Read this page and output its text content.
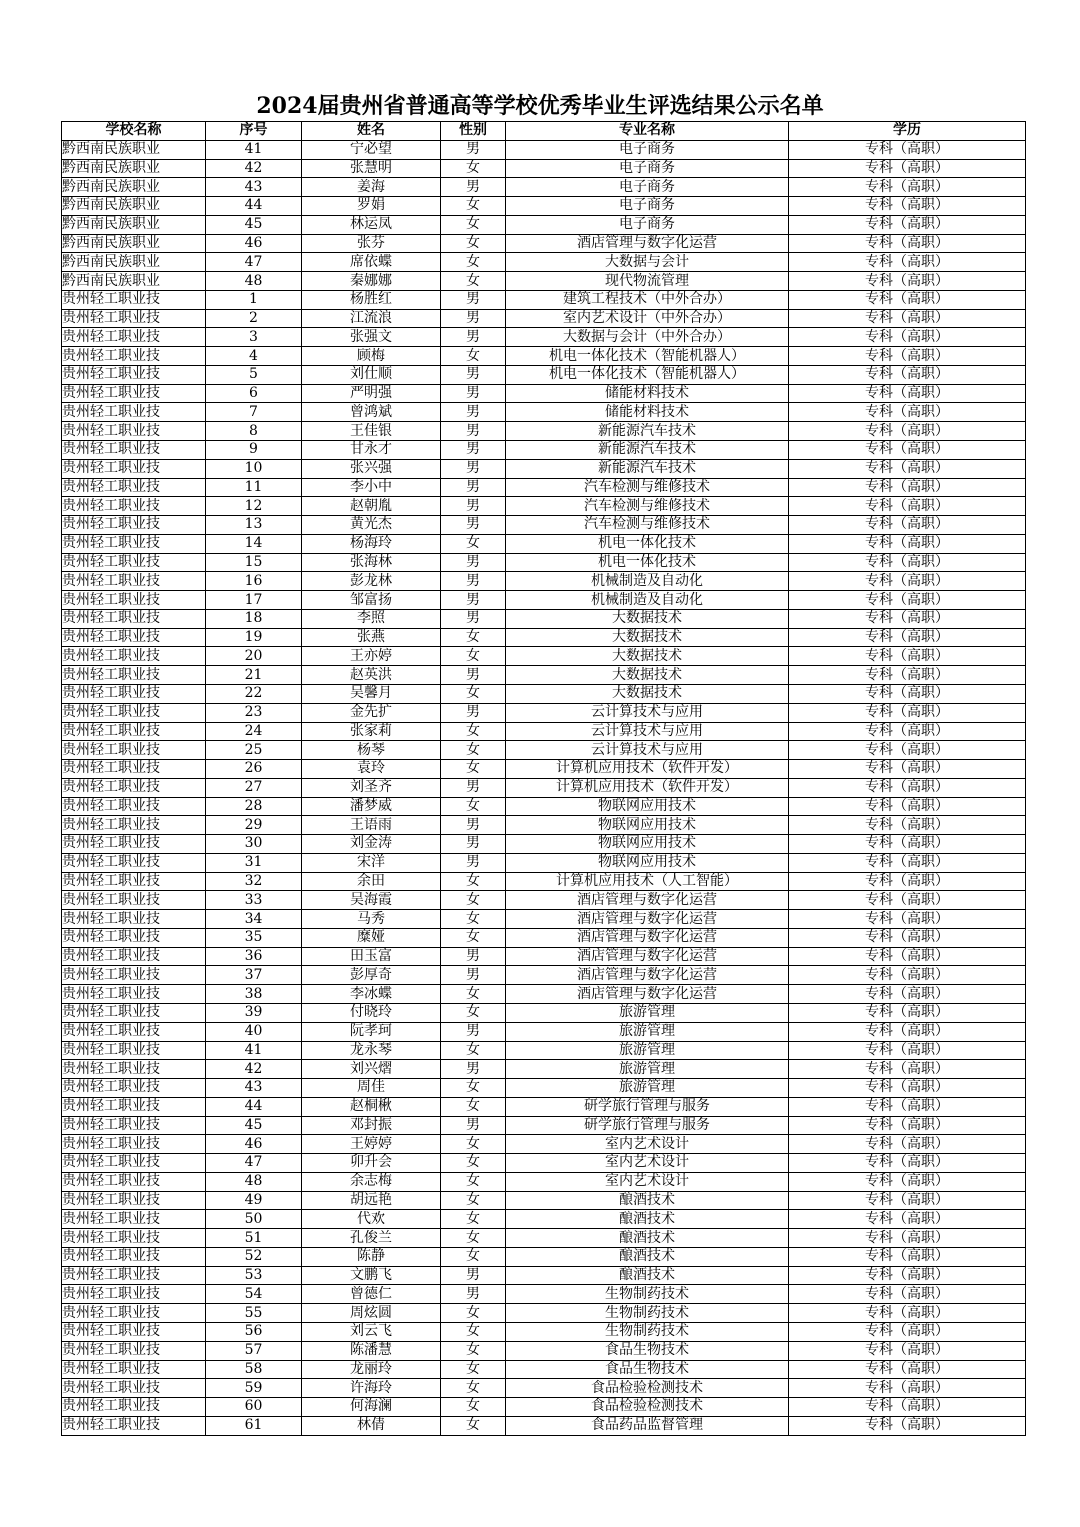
2024届贵州省普通高等学校优秀毕业生评选结果公示名单
学校名称	序号	姓名	性别	专业名称	学历
黔西南民族职业	41	宁必望	男	电子商务	专科（高职）
黔西南民族职业	42	张慧明	女	电子商务	专科（高职）
黔西南民族职业	43	姜海	男	电子商务	专科（高职）
黔西南民族职业	44	罗娟	女	电子商务	专科（高职）
黔西南民族职业	45	林运凤	女	电子商务	专科（高职）
黔西南民族职业	46	张芬	女	酒店管理与数字化运营	专科（高职）
黔西南民族职业	47	席依蝶	女	大数据与会计	专科（高职）
黔西南民族职业	48	秦娜娜	女	现代物流管理	专科（高职）
贵州轻工职业技	1	杨胜红	男	建筑工程技术（中外合办）	专科（高职）
贵州轻工职业技	2	江流浪	男	室内艺术设计（中外合办）	专科（高职）
贵州轻工职业技	3	张强文	男	大数据与会计（中外合办）	专科（高职）
贵州轻工职业技	4	顾梅	女	机电一体化技术（智能机器人）	专科（高职）
贵州轻工职业技	5	刘仕顺	男	机电一体化技术（智能机器人）	专科（高职）
贵州轻工职业技	6	严明强	男	储能材料技术	专科（高职）
贵州轻工职业技	7	曾鸿斌	男	储能材料技术	专科（高职）
贵州轻工职业技	8	王佳银	男	新能源汽车技术	专科（高职）
贵州轻工职业技	9	甘永才	男	新能源汽车技术	专科（高职）
贵州轻工职业技	10	张兴强	男	新能源汽车技术	专科（高职）
贵州轻工职业技	11	李小中	男	汽车检测与维修技术	专科（高职）
贵州轻工职业技	12	赵朝胤	男	汽车检测与维修技术	专科（高职）
贵州轻工职业技	13	黄光杰	男	汽车检测与维修技术	专科（高职）
贵州轻工职业技	14	杨海玲	女	机电一体化技术	专科（高职）
贵州轻工职业技	15	张海林	男	机电一体化技术	专科（高职）
贵州轻工职业技	16	彭龙林	男	机械制造及自动化	专科（高职）
贵州轻工职业技	17	邹富扬	男	机械制造及自动化	专科（高职）
贵州轻工职业技	18	李照	男	大数据技术	专科（高职）
贵州轻工职业技	19	张燕	女	大数据技术	专科（高职）
贵州轻工职业技	20	王亦婷	女	大数据技术	专科（高职）
贵州轻工职业技	21	赵英洪	男	大数据技术	专科（高职）
贵州轻工职业技	22	吴馨月	女	大数据技术	专科（高职）
贵州轻工职业技	23	金先扩	男	云计算技术与应用	专科（高职）
贵州轻工职业技	24	张家莉	女	云计算技术与应用	专科（高职）
贵州轻工职业技	25	杨琴	女	云计算技术与应用	专科（高职）
贵州轻工职业技	26	袁玲	女	计算机应用技术（软件开发）	专科（高职）
贵州轻工职业技	27	刘圣齐	男	计算机应用技术（软件开发）	专科（高职）
贵州轻工职业技	28	潘梦威	女	物联网应用技术	专科（高职）
贵州轻工职业技	29	王语雨	男	物联网应用技术	专科（高职）
贵州轻工职业技	30	刘金涛	男	物联网应用技术	专科（高职）
贵州轻工职业技	31	宋洋	男	物联网应用技术	专科（高职）
贵州轻工职业技	32	余田	女	计算机应用技术（人工智能）	专科（高职）
贵州轻工职业技	33	吴海霞	女	酒店管理与数字化运营	专科（高职）
贵州轻工职业技	34	马秀	女	酒店管理与数字化运营	专科（高职）
贵州轻工职业技	35	糜娅	女	酒店管理与数字化运营	专科（高职）
贵州轻工职业技	36	田玉富	男	酒店管理与数字化运营	专科（高职）
贵州轻工职业技	37	彭厚奇	男	酒店管理与数字化运营	专科（高职）
贵州轻工职业技	38	李冰蝶	女	酒店管理与数字化运营	专科（高职）
贵州轻工职业技	39	付晓玲	女	旅游管理	专科（高职）
贵州轻工职业技	40	阮孝珂	男	旅游管理	专科（高职）
贵州轻工职业技	41	龙永琴	女	旅游管理	专科（高职）
贵州轻工职业技	42	刘兴熠	男	旅游管理	专科（高职）
贵州轻工职业技	43	周佳	女	旅游管理	专科（高职）
贵州轻工职业技	44	赵桐楸	女	研学旅行管理与服务	专科（高职）
贵州轻工职业技	45	邓封振	男	研学旅行管理与服务	专科（高职）
贵州轻工职业技	46	王婷婷	女	室内艺术设计	专科（高职）
贵州轻工职业技	47	卯升会	女	室内艺术设计	专科（高职）
贵州轻工职业技	48	余志梅	女	室内艺术设计	专科（高职）
贵州轻工职业技	49	胡远艳	女	酿酒技术	专科（高职）
贵州轻工职业技	50	代欢	女	酿酒技术	专科（高职）
贵州轻工职业技	51	孔俊兰	女	酿酒技术	专科（高职）
贵州轻工职业技	52	陈静	女	酿酒技术	专科（高职）
贵州轻工职业技	53	文鹏飞	男	酿酒技术	专科（高职）
贵州轻工职业技	54	曾德仁	男	生物制药技术	专科（高职）
贵州轻工职业技	55	周炫圆	女	生物制药技术	专科（高职）
贵州轻工职业技	56	刘云飞	女	生物制药技术	专科（高职）
贵州轻工职业技	57	陈潘慧	女	食品生物技术	专科（高职）
贵州轻工职业技	58	龙丽玲	女	食品生物技术	专科（高职）
贵州轻工职业技	59	许海玲	女	食品检验检测技术	专科（高职）
贵州轻工职业技	60	何海澜	女	食品检验检测技术	专科（高职）
贵州轻工职业技	61	林倩	女	食品药品监督管理	专科（高职）
